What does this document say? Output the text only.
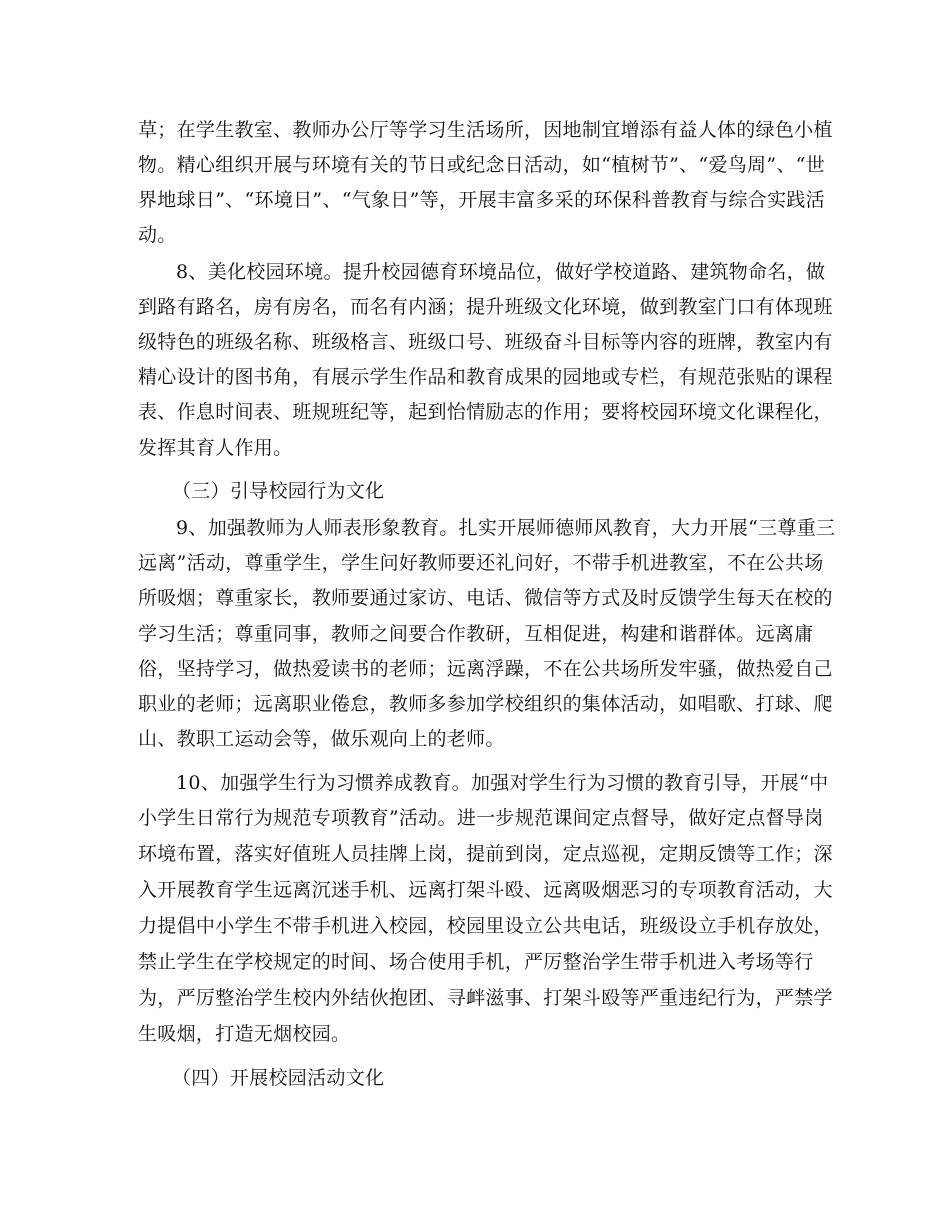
草；在学生教室、教师办公厅等学习生活场所，因地制宜增添有益人体的绿色小植
物。精心组织开展与环境有关的节日或纪念日活动，如“植树节”、“爱鸟周”、“世
界地球日”、“环境日”、“气象日”等，开展丰富多采的环保科普教育与综合实践活
动。
8、美化校园环境。提升校园德育环境品位，做好学校道路、建筑物命名，做
到路有路名，房有房名，而名有内涵；提升班级文化环境，做到教室门口有体现班
级特色的班级名称、班级格言、班级口号、班级奋斗目标等内容的班牌，教室内有
精心设计的图书角，有展示学生作品和教育成果的园地或专栏，有规范张贴的课程
表、作息时间表、班规班纪等，起到怡情励志的作用；要将校园环境文化课程化，
发挥其育人作用。
（三）引导校园行为文化
9、加强教师为人师表形象教育。扎实开展师德师风教育，大力开展“三尊重三
远离”活动，尊重学生，学生问好教师要还礼问好，不带手机进教室，不在公共场
所吸烟；尊重家长，教师要通过家访、电话、微信等方式及时反馈学生每天在校的
学习生活；尊重同事，教师之间要合作教研，互相促进，构建和谐群体。远离庸
俗，坚持学习，做热爱读书的老师；远离浮躁，不在公共场所发牢骚，做热爱自己
职业的老师；远离职业倦怠，教师多参加学校组织的集体活动，如唱歌、打球、爬
山、教职工运动会等，做乐观向上的老师。
10、加强学生行为习惯养成教育。加强对学生行为习惯的教育引导，开展“中
小学生日常行为规范专项教育”活动。进一步规范课间定点督导，做好定点督导岗
环境布置，落实好值班人员挂牌上岗，提前到岗，定点巡视，定期反馈等工作；深
入开展教育学生远离沉迷手机、远离打架斗殴、远离吸烟恶习的专项教育活动，大
力提倡中小学生不带手机进入校园，校园里设立公共电话，班级设立手机存放处，
禁止学生在学校规定的时间、场合使用手机，严厉整治学生带手机进入考场等行
为，严厉整治学生校内外结伙抱团、寻衅滋事、打架斗殴等严重违纪行为，严禁学
生吸烟，打造无烟校园。
（四）开展校园活动文化
